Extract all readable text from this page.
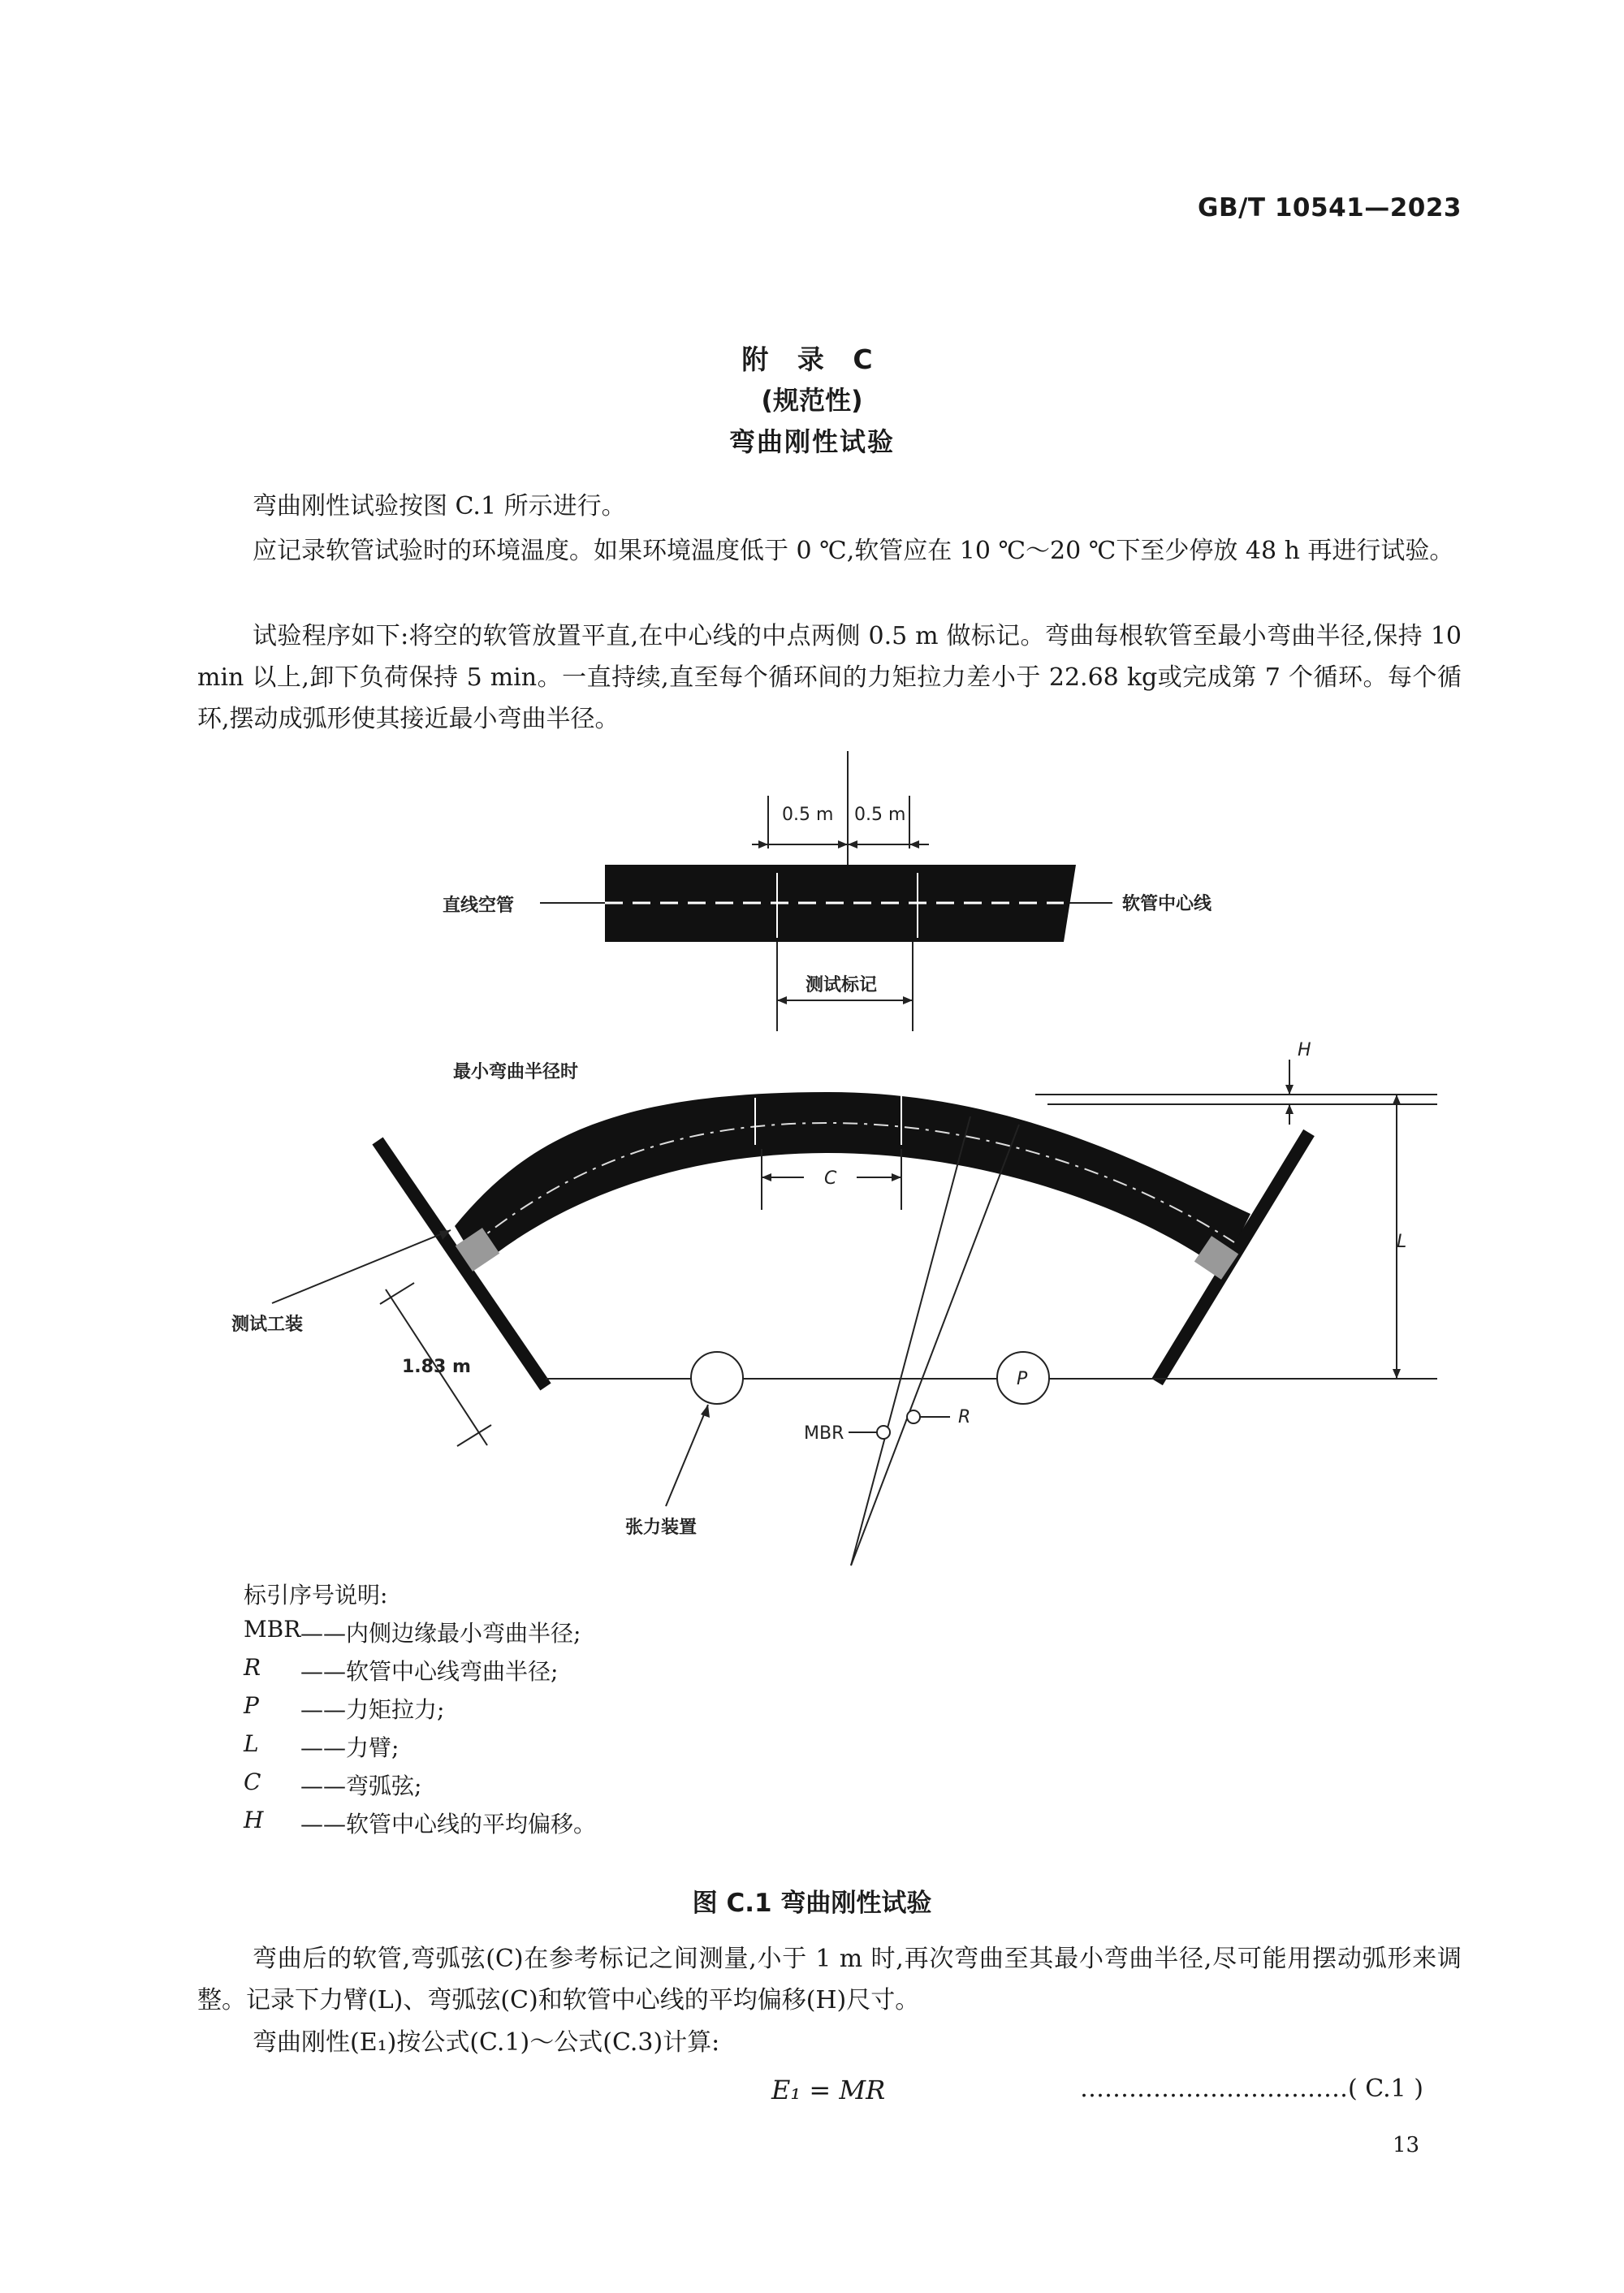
GB/T 10541—2023
附 录 C
(规范性)
弯曲刚性试验
弯曲刚性试验按图 C.1 所示进行。
应记录软管试验时的环境温度。如果环境温度低于 0 ℃,软管应在 10 ℃～20 ℃下至少停放 48 h 再进行试验。
试验程序如下:将空的软管放置平直,在中心线的中点两侧 0.5 m 做标记。弯曲每根软管至最小弯曲半径,保持 10 min 以上,卸下负荷保持 5 min。一直持续,直至每个循环间的力矩拉力差小于 22.68 kg或完成第 7 个循环。每个循环,摆动成弧形使其接近最小弯曲半径。
0.5 m 0.5 m
直线空管	软管中心线
测试标记
最小弯曲半径时
H
L
C
测试工装
1.83 m
P
R
MBR
张力装置
标引序号说明:
MBR ——内侧边缘最小弯曲半径;
R	——软管中心线弯曲半径;
P	——力矩拉力;
L	——力臂;
C	——弯弧弦;
H	——软管中心线的平均偏移。
图 C.1 弯曲刚性试验
弯曲后的软管,弯弧弦(C)在参考标记之间测量,小于 1 m 时,再次弯曲至其最小弯曲半径,尽可能用摆动弧形来调整。记录下力臂(L)、弯弧弦(C)和软管中心线的平均偏移(H)尺寸。
弯曲刚性(E₁)按公式(C.1)～公式(C.3)计算:
E₁ = MR	……………………………( C.1 )
13
